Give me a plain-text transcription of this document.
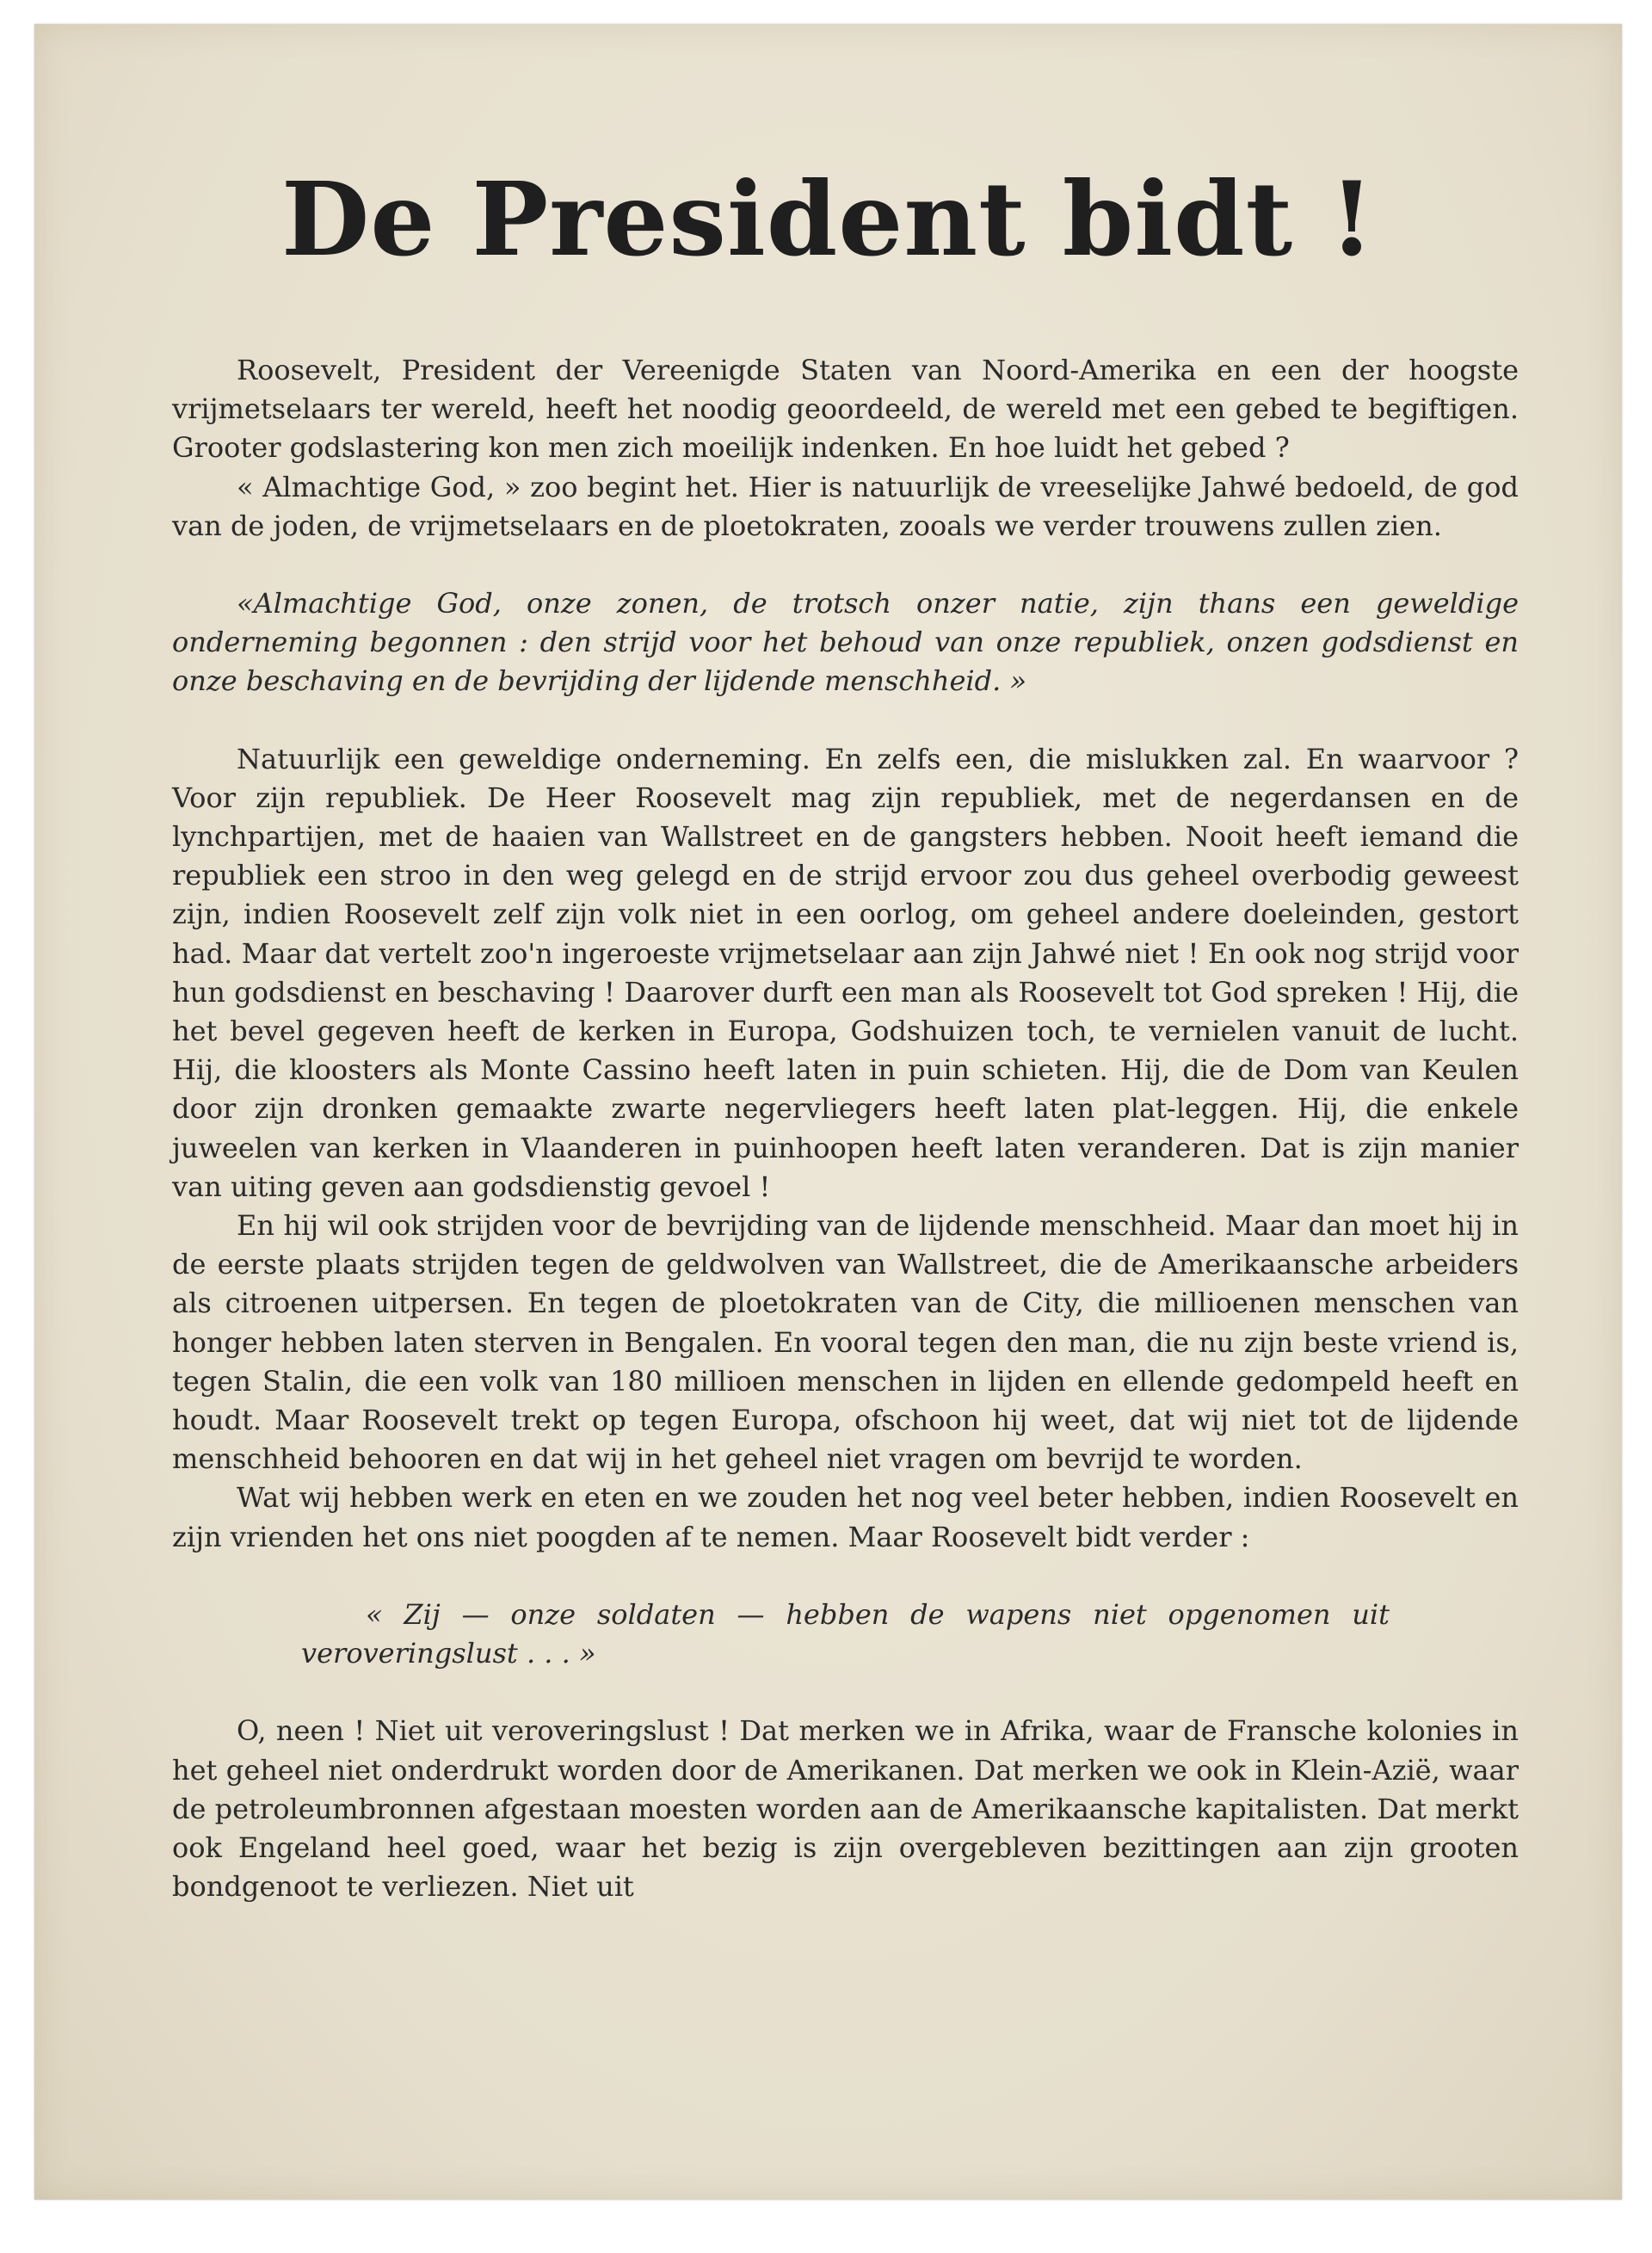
De President bidt !

Roosevelt, President der Vereenigde Staten van Noord-Amerika en een der hoogste vrijmetselaars ter wereld, heeft het noodig geoordeeld, de wereld met een gebed te begiftigen. Grooter godslastering kon men zich moeilijk indenken. En hoe luidt het gebed ?

« Almachtige God, » zoo begint het. Hier is natuurlijk de vreeselijke Jahwé bedoeld, de god van de joden, de vrijmetselaars en de ploetokraten, zooals we verder trouwens zullen zien.

«Almachtige God, onze zonen, de trotsch onzer natie, zijn thans een geweldige onderneming begonnen : den strijd voor het behoud van onze republiek, onzen godsdienst en onze beschaving en de bevrijding der lijdende menschheid. »

Natuurlijk een geweldige onderneming. En zelfs een, die mislukken zal. En waarvoor ? Voor zijn republiek. De Heer Roosevelt mag zijn republiek, met de negerdansen en de lynchpartijen, met de haaien van Wallstreet en de gangsters hebben. Nooit heeft iemand die republiek een stroo in den weg gelegd en de strijd ervoor zou dus geheel overbodig geweest zijn, indien Roosevelt zelf zijn volk niet in een oorlog, om geheel andere doeleinden, gestort had. Maar dat vertelt zoo'n ingeroeste vrijmetselaar aan zijn Jahwé niet ! En ook nog strijd voor hun godsdienst en beschaving ! Daarover durft een man als Roosevelt tot God spreken ! Hij, die het bevel gegeven heeft de kerken in Europa, Godshuizen toch, te vernielen vanuit de lucht. Hij, die kloosters als Monte Cassino heeft laten in puin schieten. Hij, die de Dom van Keulen door zijn dronken gemaakte zwarte negervliegers heeft laten plat-leggen. Hij, die enkele juweelen van kerken in Vlaanderen in puinhoopen heeft laten veranderen. Dat is zijn manier van uiting geven aan godsdienstig gevoel !

En hij wil ook strijden voor de bevrijding van de lijdende menschheid. Maar dan moet hij in de eerste plaats strijden tegen de geldwolven van Wallstreet, die de Amerikaansche arbeiders als citroenen uitpersen. En tegen de ploetokraten van de City, die millioenen menschen van honger hebben laten sterven in Bengalen. En vooral tegen den man, die nu zijn beste vriend is, tegen Stalin, die een volk van 180 millioen menschen in lijden en ellende gedompeld heeft en houdt. Maar Roosevelt trekt op tegen Europa, ofschoon hij weet, dat wij niet tot de lijdende menschheid behooren en dat wij in het geheel niet vragen om bevrijd te worden.

Wat wij hebben werk en eten en we zouden het nog veel beter hebben, indien Roosevelt en zijn vrienden het ons niet poogden af te nemen. Maar Roosevelt bidt verder :

« Zij — onze soldaten — hebben de wapens niet opgenomen uit veroveringslust . . . »

O, neen ! Niet uit veroveringslust ! Dat merken we in Afrika, waar de Fransche kolonies in het geheel niet onderdrukt worden door de Amerikanen. Dat merken we ook in Klein-Azië, waar de petroleumbronnen afgestaan moesten worden aan de Amerikaansche kapitalisten. Dat merkt ook Engeland heel goed, waar het bezig is zijn overgebleven bezittingen aan zijn grooten bondgenoot te verliezen. Niet uit
